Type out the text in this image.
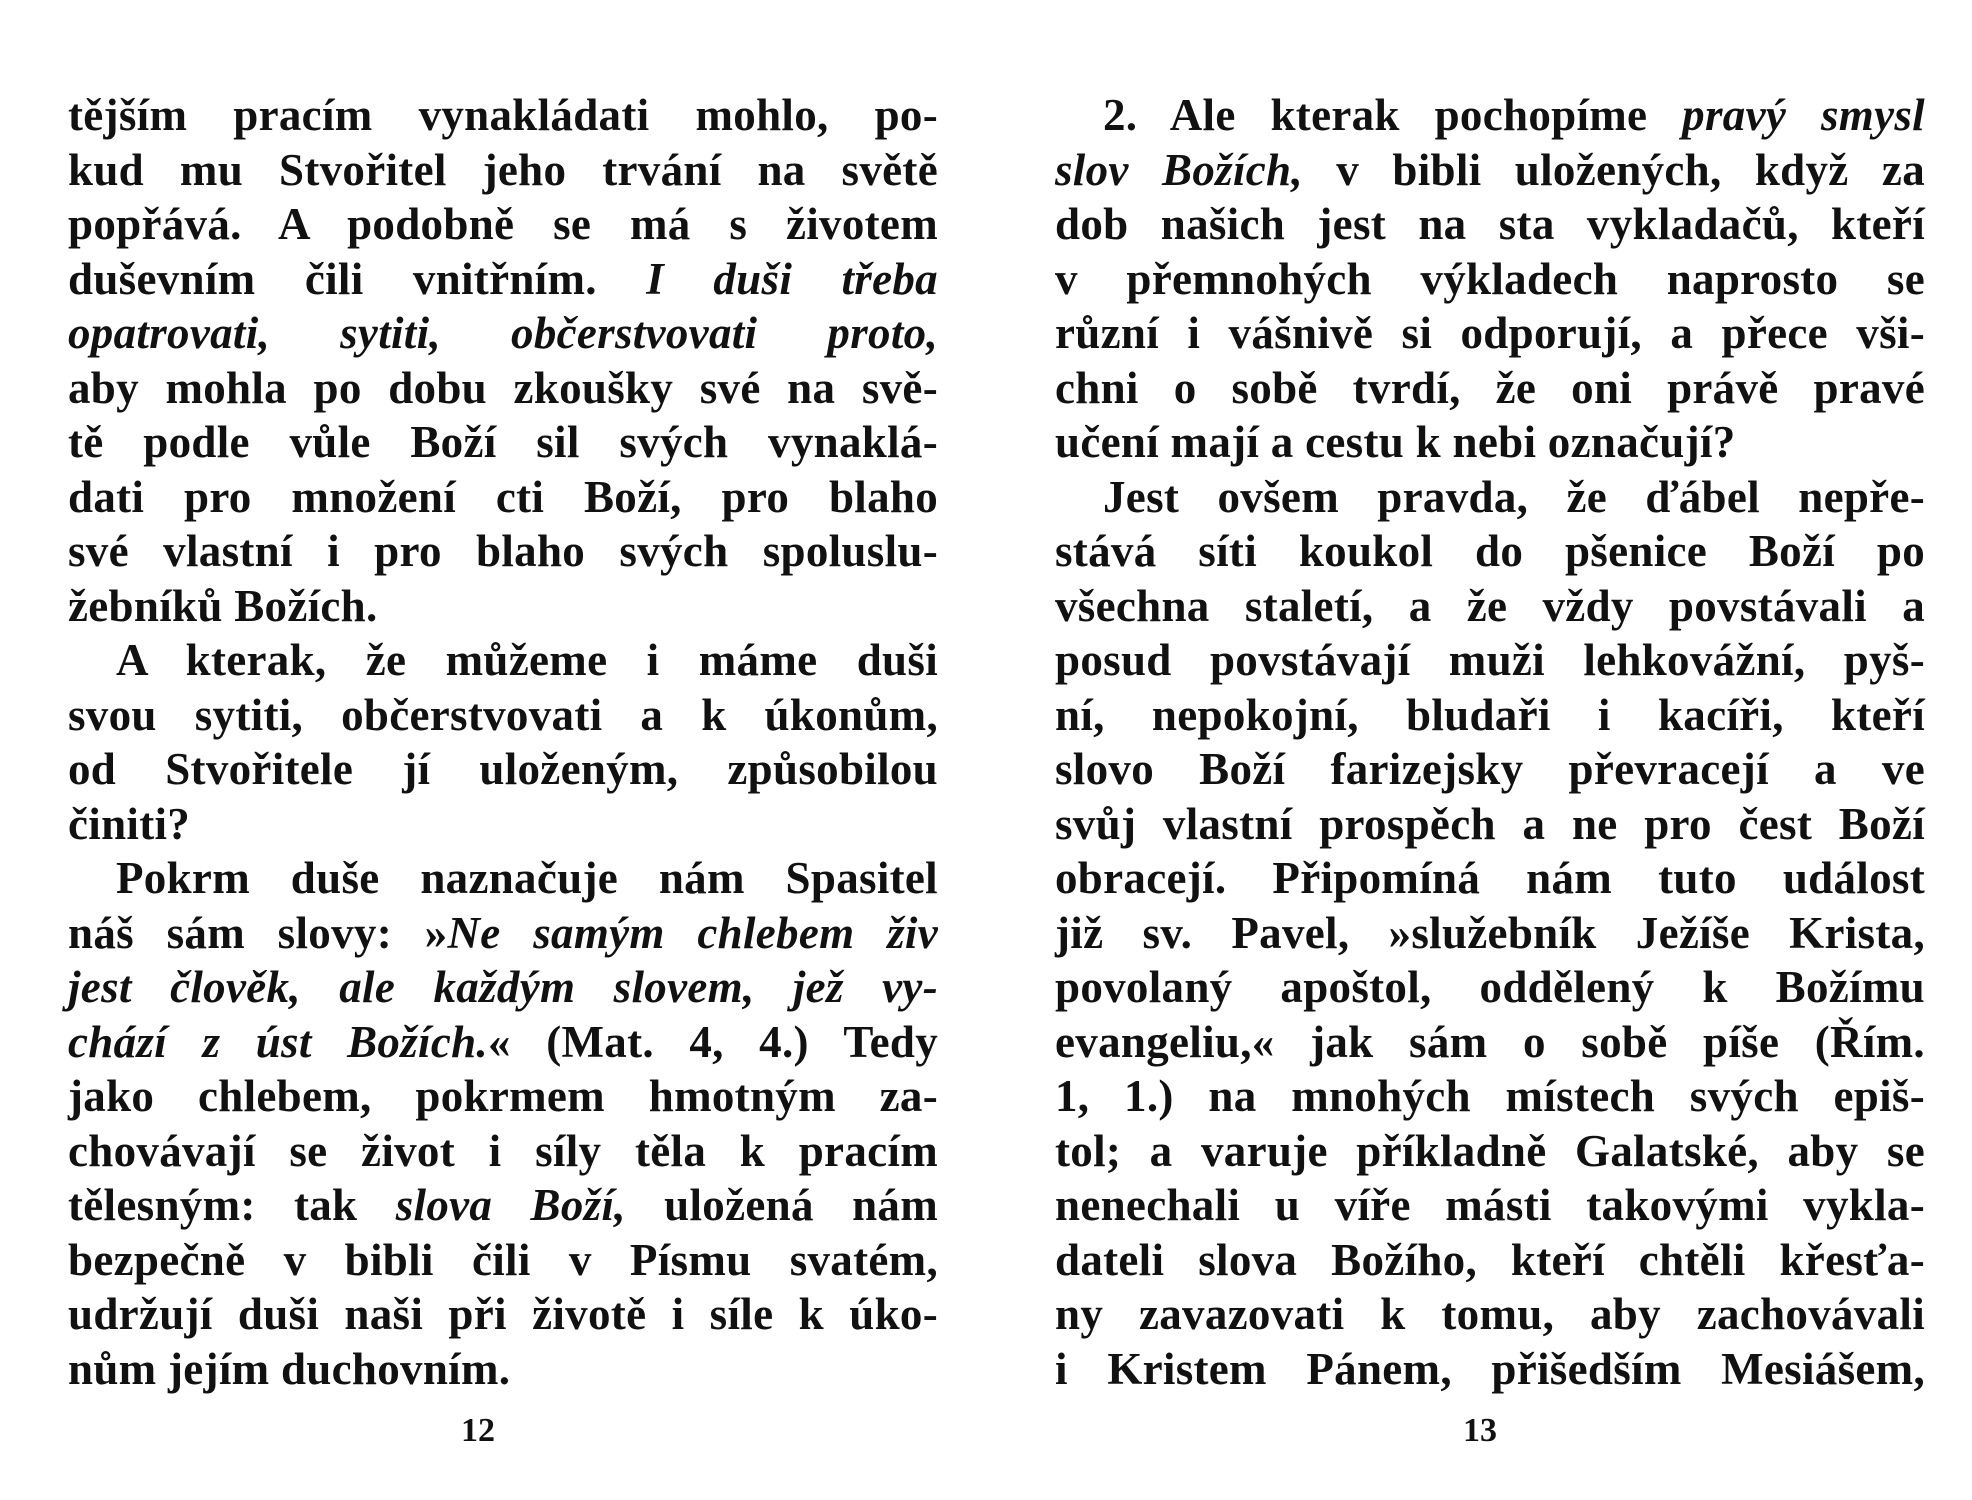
tějším pracím vynakládati mohlo, po-
kud mu Stvořitel jeho trvání na světě
popřává. A podobně se má s životem
duševním čili vnitřním. I duši třeba
opatrovati, sytiti, občerstvovati proto,
aby mohla po dobu zkoušky své na svě-
tě podle vůle Boží sil svých vynaklá-
dati pro množení cti Boží, pro blaho
své vlastní i pro blaho svých spoluslu-
žebníků Božích.
A kterak, že můžeme i máme duši
svou sytiti, občerstvovati a k úkonům,
od Stvořitele jí uloženým, způsobilou
činiti?
Pokrm duše naznačuje nám Spasitel
náš sám slovy: »Ne samým chlebem živ
jest člověk, ale každým slovem, jež vy-
chází z úst Božích.« (Mat. 4, 4.) Tedy
jako chlebem, pokrmem hmotným za-
chovávají se život i síly těla k pracím
tělesným: tak slova Boží, uložená nám
bezpečně v bibli čili v Písmu svatém,
udržují duši naši při životě i síle k úko-
nům jejím duchovním.
2. Ale kterak pochopíme pravý smysl
slov Božích, v bibli uložených, když za
dob našich jest na sta vykladačů, kteří
v přemnohých výkladech naprosto se
různí i vášnivě si odporují, a přece vši-
chni o sobě tvrdí, že oni právě pravé
učení mají a cestu k nebi označují?
Jest ovšem pravda, že ďábel nepře-
stává síti koukol do pšenice Boží po
všechna staletí, a že vždy povstávali a
posud povstávají muži lehkovážní, pyš-
ní, nepokojní, bludaři i kacíři, kteří
slovo Boží farizejsky převracejí a ve
svůj vlastní prospěch a ne pro čest Boží
obracejí. Připomíná nám tuto událost
již sv. Pavel, »služebník Ježíše Krista,
povolaný apoštol, oddělený k Božímu
evangeliu,« jak sám o sobě píše (Řím.
1, 1.) na mnohých místech svých epiš-
tol; a varuje příkladně Galatské, aby se
nenechali u víře másti takovými vykla-
dateli slova Božího, kteří chtěli křesťa-
ny zavazovati k tomu, aby zachovávali
i Kristem Pánem, přišedším Mesiášem,
12	13
